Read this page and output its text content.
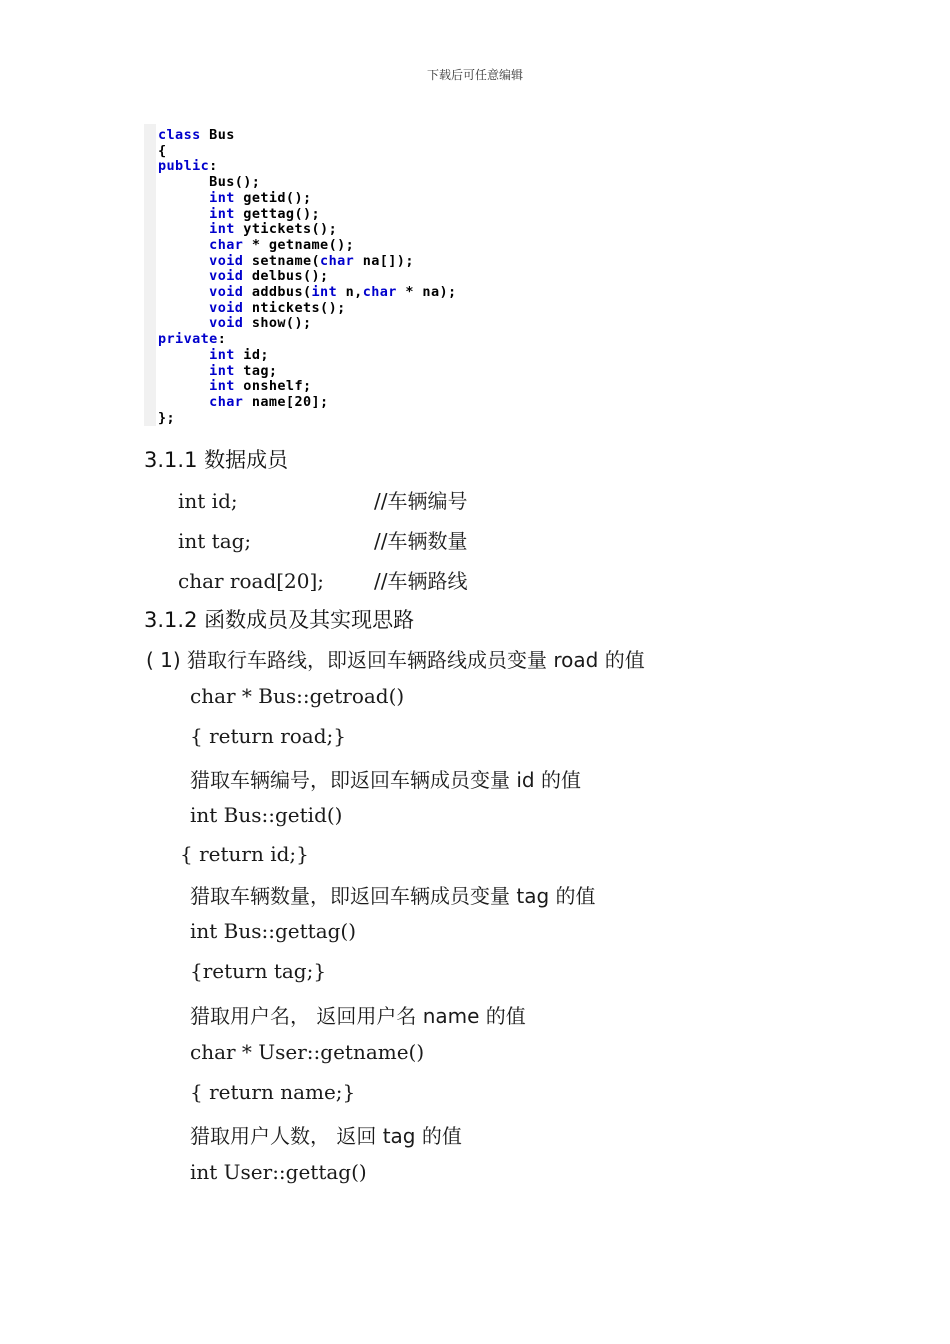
下载后可任意编辑
class Bus
{
public:
Bus();
int getid();
int gettag();
int ytickets();
char * getname();
void setname(char na[]);
void delbus();
void addbus(int n,char * na);
void ntickets();
void show();
private:
int id;
int tag;
int onshelf;
char name[20];
};
3.1.1 数据成员
int id;	//车辆编号
int tag;	//车辆数量
char road[20]; //车辆路线
3.1.2 函数成员及其实现思路
( 1) 猎取行车路线，即返回车辆路线成员变量 road 的值
char * Bus::getroad()
{ return road;}
猎取车辆编号，即返回车辆成员变量 id 的值
int Bus::getid()
{ return id;}
猎取车辆数量，即返回车辆成员变量 tag 的值
int Bus::gettag()
{return tag;}
猎取用户名， 返回用户名 name 的值
char * User::getname()
{ return name;}
猎取用户人数， 返回 tag 的值
int User::gettag()
